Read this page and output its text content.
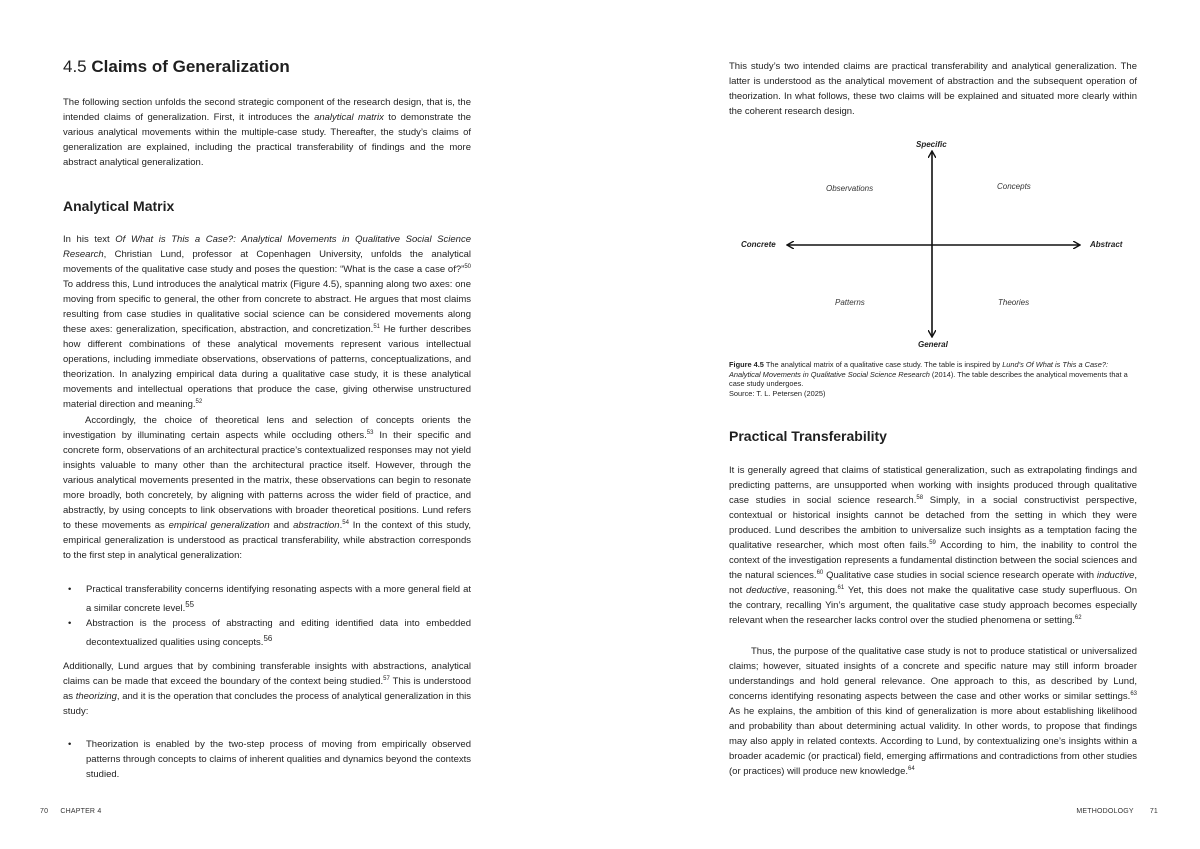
4.5 Claims of Generalization

The following section unfolds the second strategic component of the research design, that is, the intended claims of generalization. First, it introduces the analytical matrix to demonstrate the various analytical movements within the multiple-case study. Thereafter, the study’s claims of generalization are explained, including the practical transferability of findings and the more abstract analytical generalization.

Analytical Matrix

In his text Of What is This a Case?: Analytical Movements in Qualitative Social Science Research, Christian Lund, professor at Copenhagen University, unfolds the analytical movements of the qualitative case study and poses the question: “What is the case a case of?”$^{50}$ To address this, Lund introduces the analytical matrix (Figure 4.5), spanning along two axes: one moving from specific to general, the other from concrete to abstract. He argues that most claims resulting from case studies in qualitative social science can be considered movements along these axes: generalization, specification, abstraction, and concretization.$^{51}$ He further describes how different combinations of these analytical movements represent various intellectual operations, including immediate observations, observations of patterns, conceptualizations, and theorization. In analyzing empirical data during a qualitative case study, it is these analytical movements and intellectual operations that produce the case, giving otherwise unstructured material direction and meaning.$^{52}$

Accordingly, the choice of theoretical lens and selection of concepts orients the investigation by illuminating certain aspects while occluding others.$^{53}$ In their specific and concrete form, observations of an architectural practice’s contextualized responses may not yield insights valuable to many other than the architectural practice itself. However, through the various analytical movements presented in the matrix, these observations can begin to resonate more broadly, both concretely, by aligning with patterns across the wider field of practice, and abstractly, by using concepts to link observations with broader theoretical positions. Lund refers to these movements as empirical generalization and abstraction.$^{54}$ In the context of this study, empirical generalization is understood as practical transferability, while abstraction corresponds to the first step in analytical generalization:

• Practical transferability concerns identifying resonating aspects with a more general field at a similar concrete level.$^{55}$
• Abstraction is the process of abstracting and editing identified data into embedded decontextualized qualities using concepts.$^{56}$

Additionally, Lund argues that by combining transferable insights with abstractions, analytical claims can be made that exceed the boundary of the context being studied.$^{57}$ This is understood as theorizing, and it is the operation that concludes the process of analytical generalization in this study:

• Theorization is enabled by the two-step process of moving from empirically observed patterns through concepts to claims of inherent qualities and dynamics beyond the contexts studied.
70 CHAPTER 4

This study’s two intended claims are practical transferability and analytical generalization. The latter is understood as the analytical movement of abstraction and the subsequent operation of theorization. In what follows, these two claims will be explained and situated more clearly within the coherent research design.

Practical Transferability

It is generally agreed that claims of statistical generalization, such as extrapolating findings and predicting patterns, are unsupported when working with insights produced through qualitative case studies in social science research.$^{58}$ Simply, in a social constructivist perspective, contextual or historical insights cannot be detached from the setting in which they were produced. Lund describes the ambition to universalize such insights as a temptation facing the qualitative researcher, which most often fails.$^{59}$ According to him, the inability to control the context of the investigation represents a fundamental distinction between the social sciences and the natural sciences.$^{60}$ Qualitative case studies in social science research operate with inductive, not deductive, reasoning.$^{61}$ Yet, this does not make the qualitative case study superfluous. On the contrary, recalling Yin’s argument, the qualitative case study approach becomes especially relevant when the researcher lacks control over the studied phenomena or setting.$^{62}$

Thus, the purpose of the qualitative case study is not to produce statistical or universalized claims; however, situated insights of a concrete and specific nature may still inform broader understandings and hold general relevance. One approach to this, as described by Lund, concerns identifying resonating aspects between the case and other works or similar settings.$^{63}$ As he explains, the ambition of this kind of generalization is more about establishing likelihood and probability than about determining actual validity. In other words, to propose that findings may also apply in related contexts. According to Lund, by contextualizing one’s insights within a broader academic (or practical) field, emerging affirmations and contradictions from other studies (or practices) will produce new knowledge.$^{64}$

Specific
General
Concrete	Abstract
Observations	Concepts
Patterns	Theories

Figure 4.5 The analytical matrix of a qualitative case study. The table is inspired by Lund’s Of What is This a Case?: Analytical Movements in Qualitative Social Science Research (2014). The table describes the analytical movements that a case study undergoes.
Source: T. L. Petersen (2025)

METHODOLOGY 71
